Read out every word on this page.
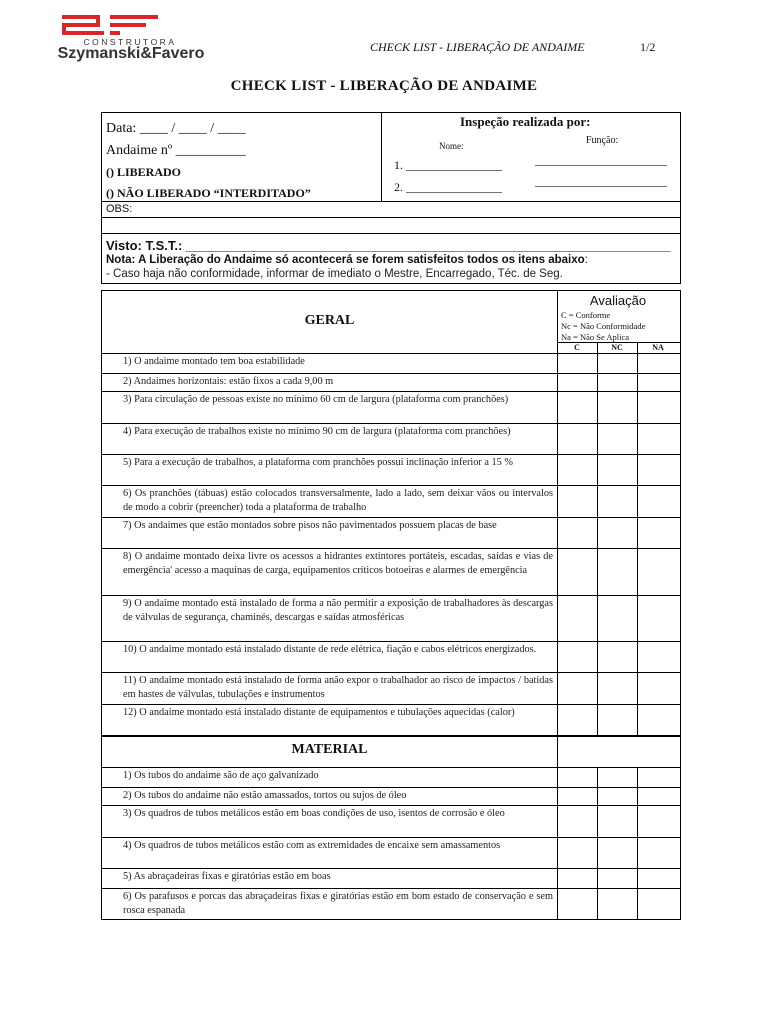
CONSTRUTORA
Szymanski&Favero	CHECK LIST - LIBERAÇÃO DE ANDAIME	1/2
CHECK LIST - LIBERAÇÃO DE ANDAIME
Data: ____ / ____ / ____
Andaime nº __________
() LIBERADO
() NÃO LIBERADO “INTERDITADO”
Inspeção realizada por:
Nome:	Função:
1. ________________
2. ________________
______________________
______________________
OBS:
Visto: T.S.T.: ___________________________________________________________________
Nota: A Liberação do Andaime só acontecerá se forem satisfeitos todos os itens abaixo:
- Caso haja não conformidade, informar de imediato o Mestre, Encarregado, Téc. de Seg.
GERAL
Avaliação
C = Conforme
Nc = Não Conformidade
Na = Não Se Aplica
C	NC	NA
1) O andaime montado tem boa estabilidade
2) Andaimes horizontais: estão fixos a cada 9,00 m
3) Para circulação de pessoas existe no mínimo 60 cm de largura (plataforma com pranchões)
4) Para execução de trabalhos existe no mínimo 90 cm de largura (plataforma com pranchões)
5) Para a execução de trabalhos, a plataforma com pranchões possui inclinação inferior a 15 %
6) Os pranchões (tábuas) estão colocados transversalmente, lado a lado, sem deixar vãos ou intervalos de modo a cobrir (preencher) toda a plataforma de trabalho
7) Os andaimes que estão montados sobre pisos não pavimentados possuem placas de base
8) O andaime montado deixa livre os acessos a hidrantes extintores portáteis, escadas, saídas e vias de emergência' acesso a maquinas de carga, equipamentos críticos botoeiras e alarmes de emergência
9) O andaime montado está instalado de forma a não permitir a exposição de trabalhadores às descargas de válvulas de segurança, chaminés, descargas e saídas atmosféricas
10) O andaime montado está instalado distante de rede elétrica, fiação e cabos elétricos energizados.
11) O andaime montado está instalado de forma anão expor o trabalhador ao risco de impactos / batidas em hastes de válvulas, tubulações e instrumentos
12) O andaime montado está instalado distante de equipamentos e tubulações aquecidas (calor)
MATERIAL
1) Os tubos do andaime são de aço galvanizado
2) Os tubos do andaime não estão amassados, tortos ou sujos de óleo
3) Os quadros de tubos metálicos estão em boas condições de uso, isentos de corrosão e óleo
4) Os quadros de tubos metálicos estão com as extremidades de encaixe sem amassamentos
5) As abraçadeiras fixas e giratórias estão em boas
6) Os parafusos e porcas das abraçadeiras fixas e giratórias estão em bom estado de conservação e sem rosca espanada
